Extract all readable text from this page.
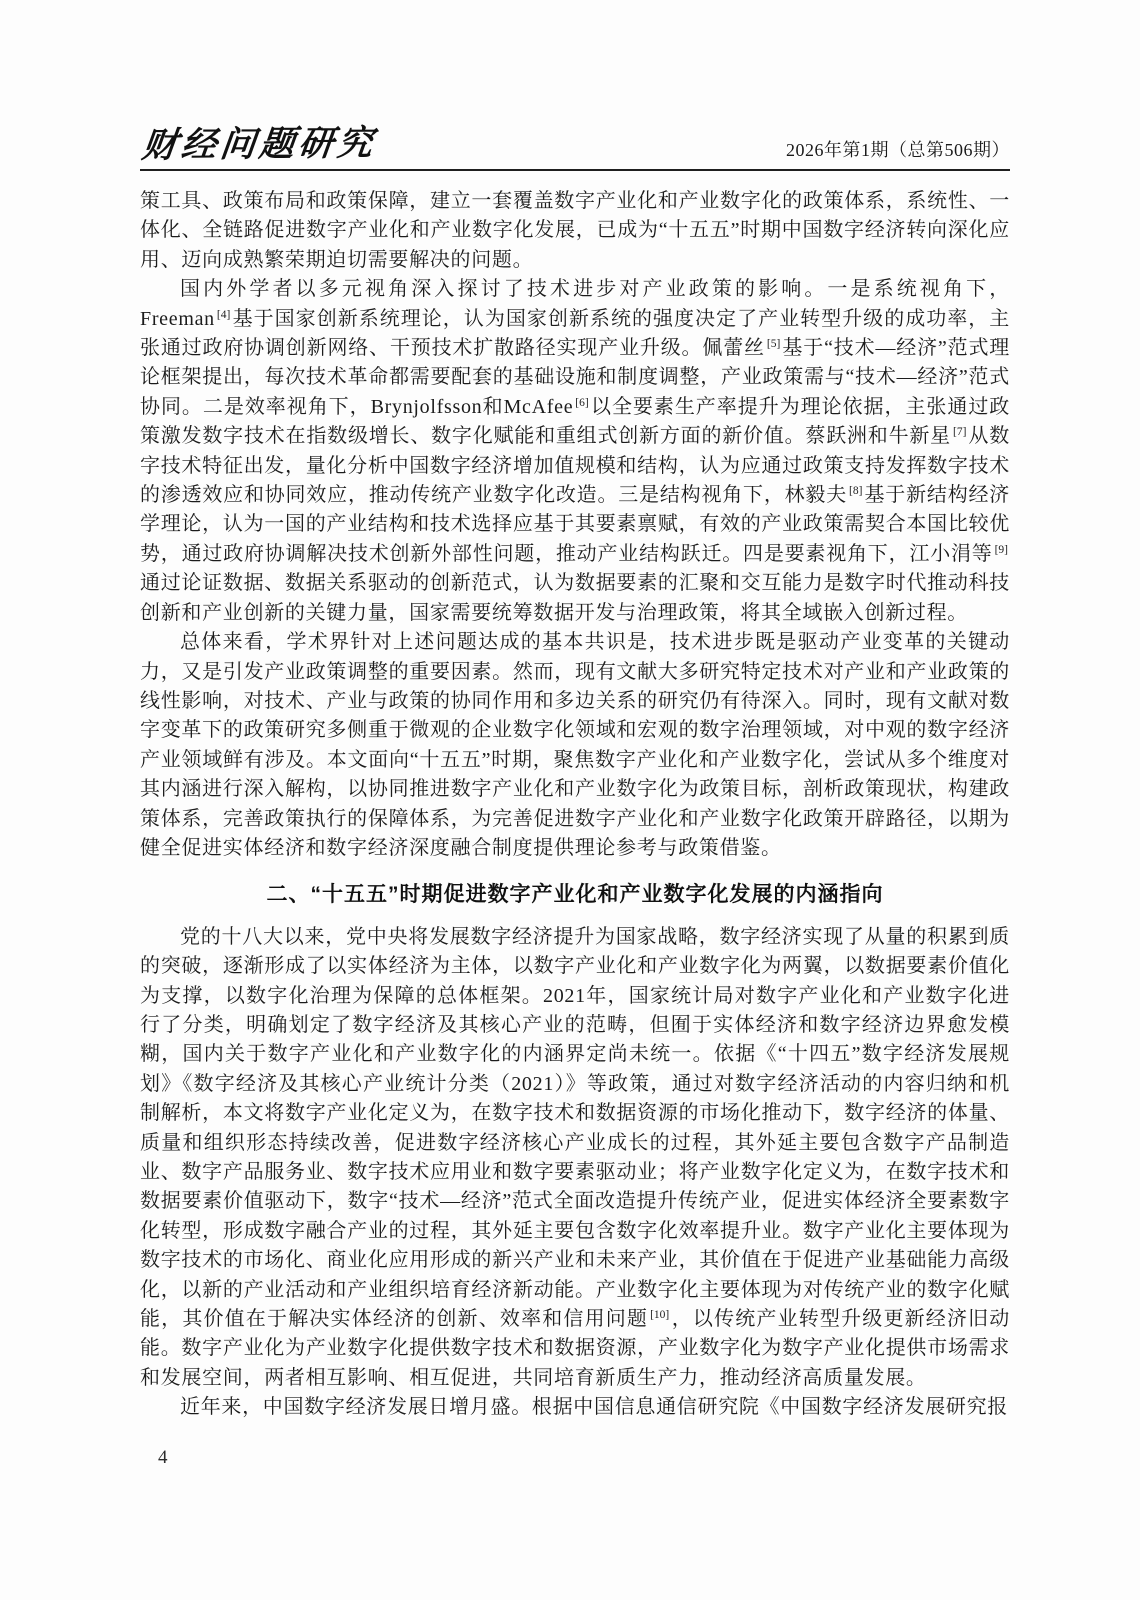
财经问题研究	2026年第1期（总第506期）

策工具、政策布局和政策保障，建立一套覆盖数字产业化和产业数字化的政策体系，系统性、一体化、全链路促进数字产业化和产业数字化发展，已成为“十五五”时期中国数字经济转向深化应用、迈向成熟繁荣期迫切需要解决的问题。

国内外学者以多元视角深入探讨了技术进步对产业政策的影响。一是系统视角下，Freeman [4] 基于国家创新系统理论，认为国家创新系统的强度决定了产业转型升级的成功率，主张通过政府协调创新网络、干预技术扩散路径实现产业升级。佩蕾丝 [5] 基于“技术—经济”范式理论框架提出，每次技术革命都需要配套的基础设施和制度调整，产业政策需与“技术—经济”范式协同。二是效率视角下，Brynjolfsson和McAfee [6] 以全要素生产率提升为理论依据，主张通过政策激发数字技术在指数级增长、数字化赋能和重组式创新方面的新价值。蔡跃洲和牛新星 [7] 从数字技术特征出发，量化分析中国数字经济增加值规模和结构，认为应通过政策支持发挥数字技术的渗透效应和协同效应，推动传统产业数字化改造。三是结构视角下，林毅夫 [8] 基于新结构经济学理论，认为一国的产业结构和技术选择应基于其要素禀赋，有效的产业政策需契合本国比较优势，通过政府协调解决技术创新外部性问题，推动产业结构跃迁。四是要素视角下，江小涓等 [9]通过论证数据、数据关系驱动的创新范式，认为数据要素的汇聚和交互能力是数字时代推动科技创新和产业创新的关键力量，国家需要统筹数据开发与治理政策，将其全域嵌入创新过程。

总体来看，学术界针对上述问题达成的基本共识是，技术进步既是驱动产业变革的关键动力，又是引发产业政策调整的重要因素。然而，现有文献大多研究特定技术对产业和产业政策的线性影响，对技术、产业与政策的协同作用和多边关系的研究仍有待深入。同时，现有文献对数字变革下的政策研究多侧重于微观的企业数字化领域和宏观的数字治理领域，对中观的数字经济产业领域鲜有涉及。本文面向“十五五”时期，聚焦数字产业化和产业数字化，尝试从多个维度对其内涵进行深入解构，以协同推进数字产业化和产业数字化为政策目标，剖析政策现状，构建政策体系，完善政策执行的保障体系，为完善促进数字产业化和产业数字化政策开辟路径，以期为健全促进实体经济和数字经济深度融合制度提供理论参考与政策借鉴。

二、“十五五”时期促进数字产业化和产业数字化发展的内涵指向

党的十八大以来，党中央将发展数字经济提升为国家战略，数字经济实现了从量的积累到质的突破，逐渐形成了以实体经济为主体，以数字产业化和产业数字化为两翼，以数据要素价值化为支撑，以数字化治理为保障的总体框架。2021年，国家统计局对数字产业化和产业数字化进行了分类，明确划定了数字经济及其核心产业的范畴，但囿于实体经济和数字经济边界愈发模糊，国内关于数字产业化和产业数字化的内涵界定尚未统一。依据《“十四五”数字经济发展规划》《数字经济及其核心产业统计分类（2021）》等政策，通过对数字经济活动的内容归纳和机制解析，本文将数字产业化定义为，在数字技术和数据资源的市场化推动下，数字经济的体量、质量和组织形态持续改善，促进数字经济核心产业成长的过程，其外延主要包含数字产品制造业、数字产品服务业、数字技术应用业和数字要素驱动业；将产业数字化定义为，在数字技术和数据要素价值驱动下，数字“技术—经济”范式全面改造提升传统产业，促进实体经济全要素数字化转型，形成数字融合产业的过程，其外延主要包含数字化效率提升业。数字产业化主要体现为数字技术的市场化、商业化应用形成的新兴产业和未来产业，其价值在于促进产业基础能力高级化，以新的产业活动和产业组织培育经济新动能。产业数字化主要体现为对传统产业的数字化赋能，其价值在于解决实体经济的创新、效率和信用问题 [10] ，以传统产业转型升级更新经济旧动能。数字产业化为产业数字化提供数字技术和数据资源，产业数字化为数字产业化提供市场需求和发展空间，两者相互影响、相互促进，共同培育新质生产力，推动经济高质量发展。

近年来，中国数字经济发展日增月盛。根据中国信息通信研究院《中国数字经济发展研究报

4
